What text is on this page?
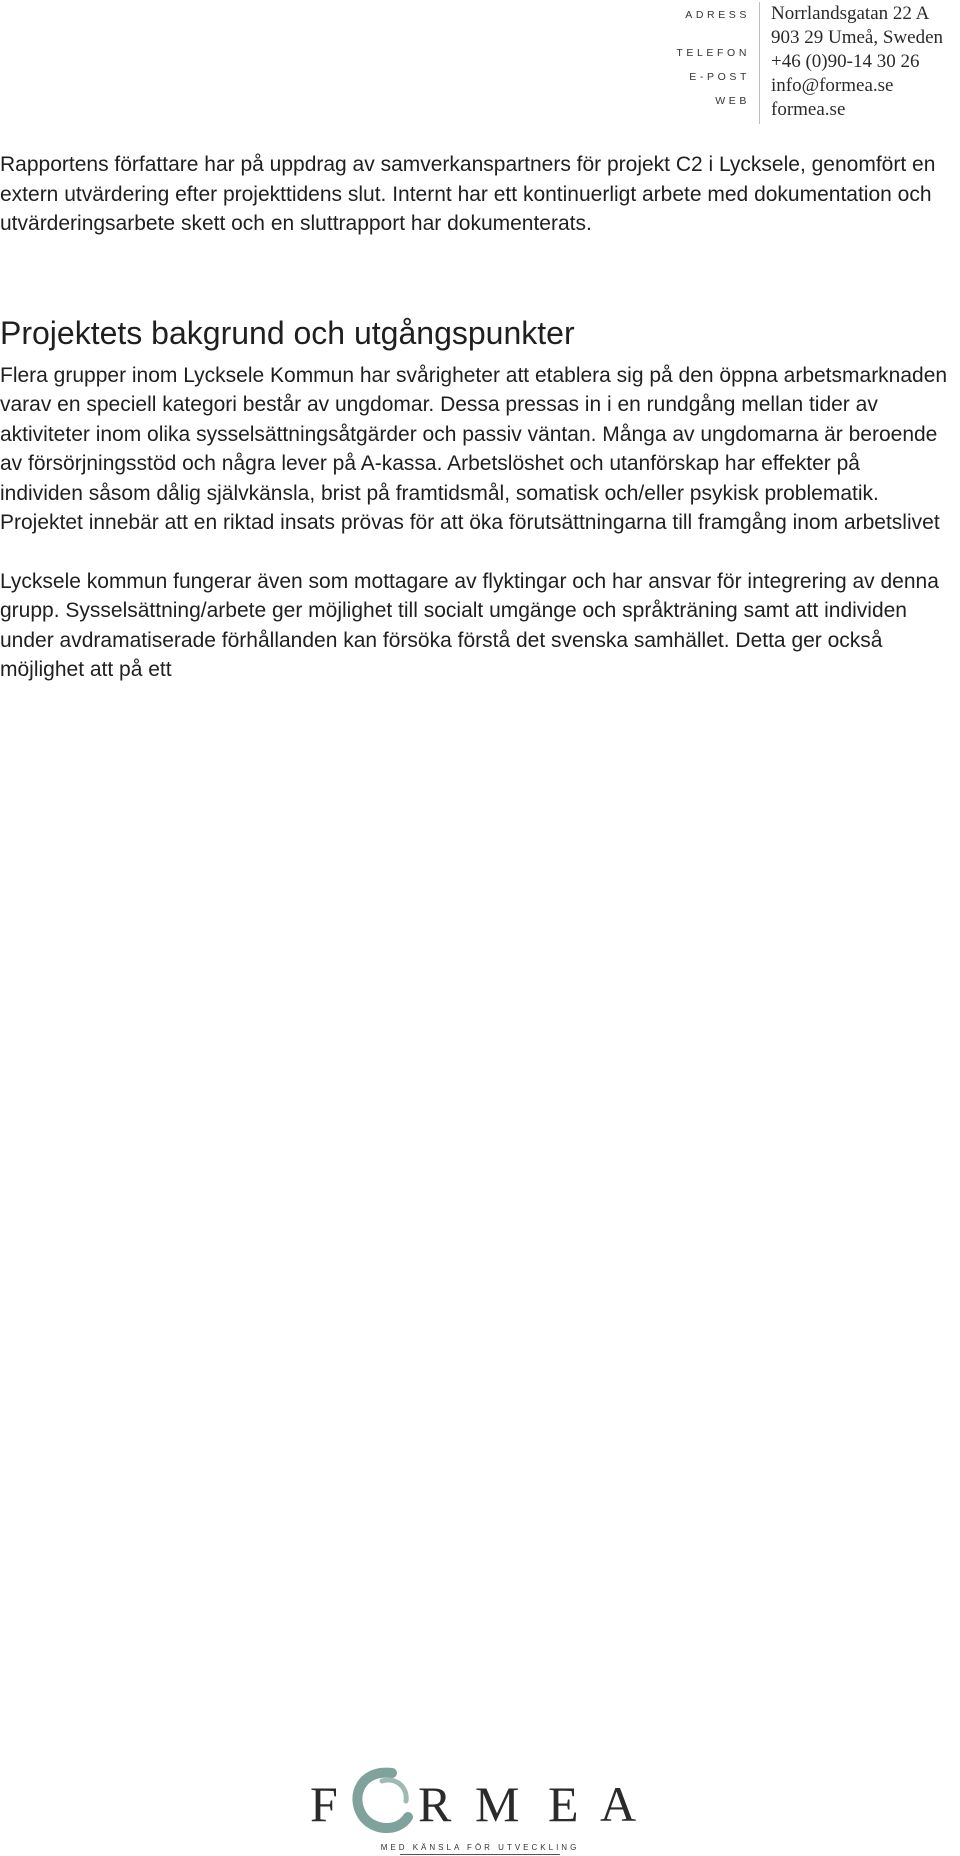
ADRESS
TELEFON
E-POST
WEB
Norrlandsgatan 22 A
903 29 Umeå, Sweden
+46 (0)90-14 30 26
info@formea.se
formea.se

Rapportens författare har på uppdrag av samverkanspartners för projekt C2 i Lycksele, genomfört en extern utvärdering efter projekttidens slut. Internt har ett kontinuerligt arbete med dokumentation och utvärderingsarbete skett och en sluttrapport har dokumenterats.

Projektets bakgrund och utgångspunkter

Flera grupper inom Lycksele Kommun har svårigheter att etablera sig på den öppna arbetsmarknaden varav en speciell kategori består av ungdomar. Dessa pressas in i en rundgång mellan tider av aktiviteter inom olika sysselsättningsåtgärder och passiv väntan. Många av ungdomarna är beroende av försörjningsstöd och några lever på A-kassa. Arbetslöshet och utanförskap har effekter på individen såsom dålig självkänsla, brist på framtidsmål, somatisk och/eller psykisk problematik. Projektet innebär att en riktad insats prövas för att öka förutsättningarna till framgång inom arbetslivet

Lycksele kommun fungerar även som mottagare av flyktingar och har ansvar för integrering av denna grupp. Sysselsättning/arbete ger möjlighet till socialt umgänge och språkträning samt att individen under avdramatiserade förhållanden kan försöka förstå det svenska samhället. Detta ger också möjlighet att på ett

F R M E A
MED KÄNSLA FÖR UTVECKLING
